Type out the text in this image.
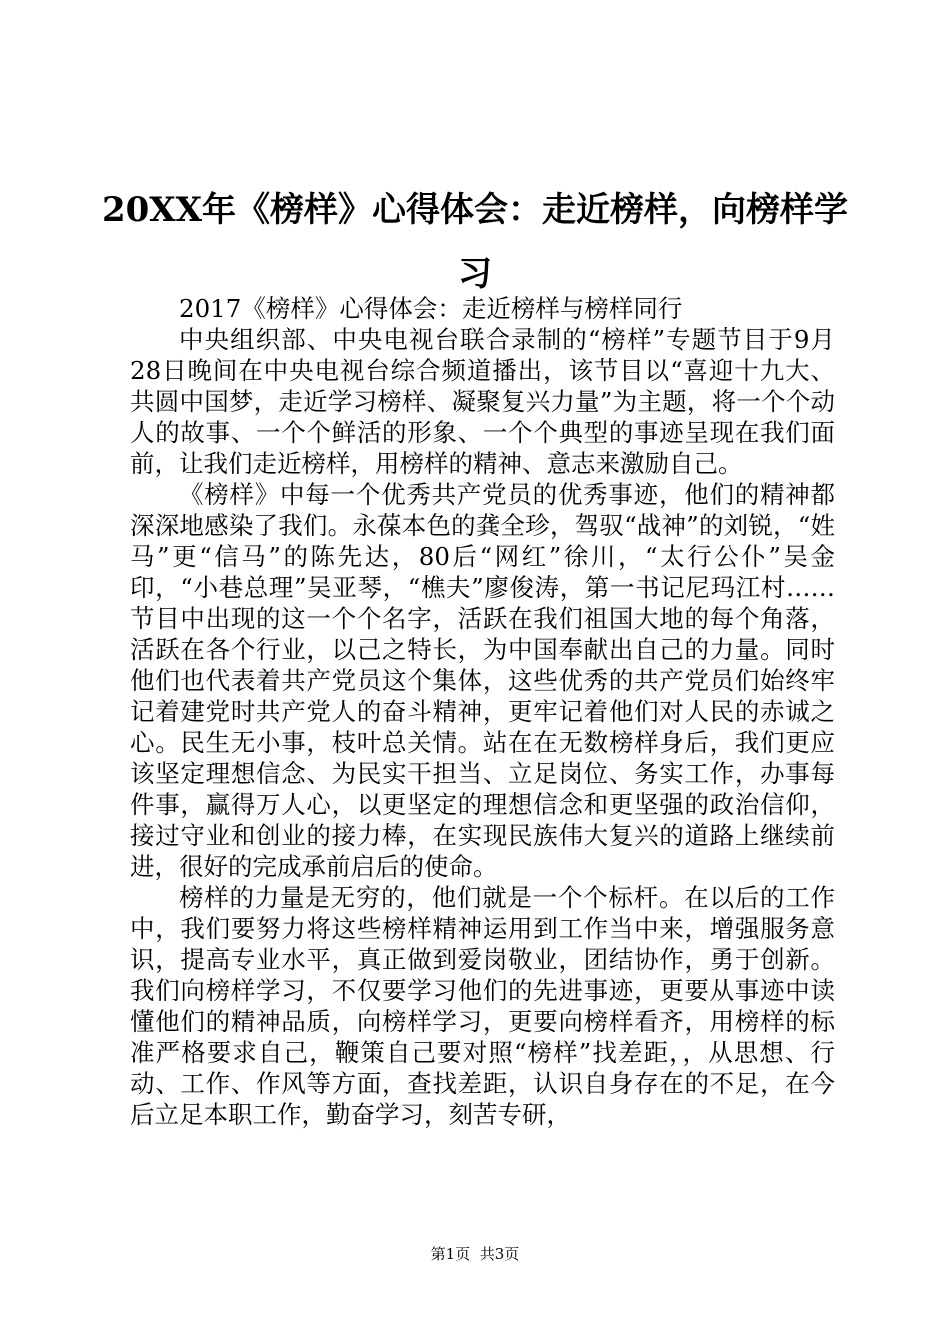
20XX年《榜样》心得体会：走近榜样，向榜样学习

2017《榜样》心得体会：走近榜样与榜样同行

中央组织部、中央电视台联合录制的“榜样”专题节目于9月28日晚间在中央电视台综合频道播出，该节目以“喜迎十九大、共圆中国梦，走近学习榜样、凝聚复兴力量”为主题，将一个个动人的故事、一个个鲜活的形象、一个个典型的事迹呈现在我们面前，让我们走近榜样，用榜样的精神、意志来激励自己。

《榜样》中每一个优秀共产党员的优秀事迹，他们的精神都深深地感染了我们。永葆本色的龚全珍，驾驭“战神”的刘锐，“姓马”更“信马”的陈先达，80后“网红”徐川，“太行公仆”吴金印，“小巷总理”吴亚琴，“樵夫”廖俊涛，第一书记尼玛江村……节目中出现的这一个个名字，活跃在我们祖国大地的每个角落，活跃在各个行业，以己之特长，为中国奉献出自己的力量。同时他们也代表着共产党员这个集体，这些优秀的共产党员们始终牢记着建党时共产党人的奋斗精神，更牢记着他们对人民的赤诚之心。民生无小事，枝叶总关情。站在在无数榜样身后，我们更应该坚定理想信念、为民实干担当、立足岗位、务实工作，办事每件事，赢得万人心，以更坚定的理想信念和更坚强的政治信仰，接过守业和创业的接力棒，在实现民族伟大复兴的道路上继续前进，很好的完成承前启后的使命。

榜样的力量是无穷的，他们就是一个个标杆。在以后的工作中，我们要努力将这些榜样精神运用到工作当中来，增强服务意识，提高专业水平，真正做到爱岗敬业，团结协作，勇于创新。我们向榜样学习，不仅要学习他们的先进事迹，更要从事迹中读懂他们的精神品质，向榜样学习，更要向榜样看齐，用榜样的标准严格要求自己，鞭策自己要对照“榜样”找差距，，从思想、行动、工作、作风等方面，查找差距，认识自身存在的不足，在今后立足本职工作，勤奋学习，刻苦专研，

第1页 共3页
